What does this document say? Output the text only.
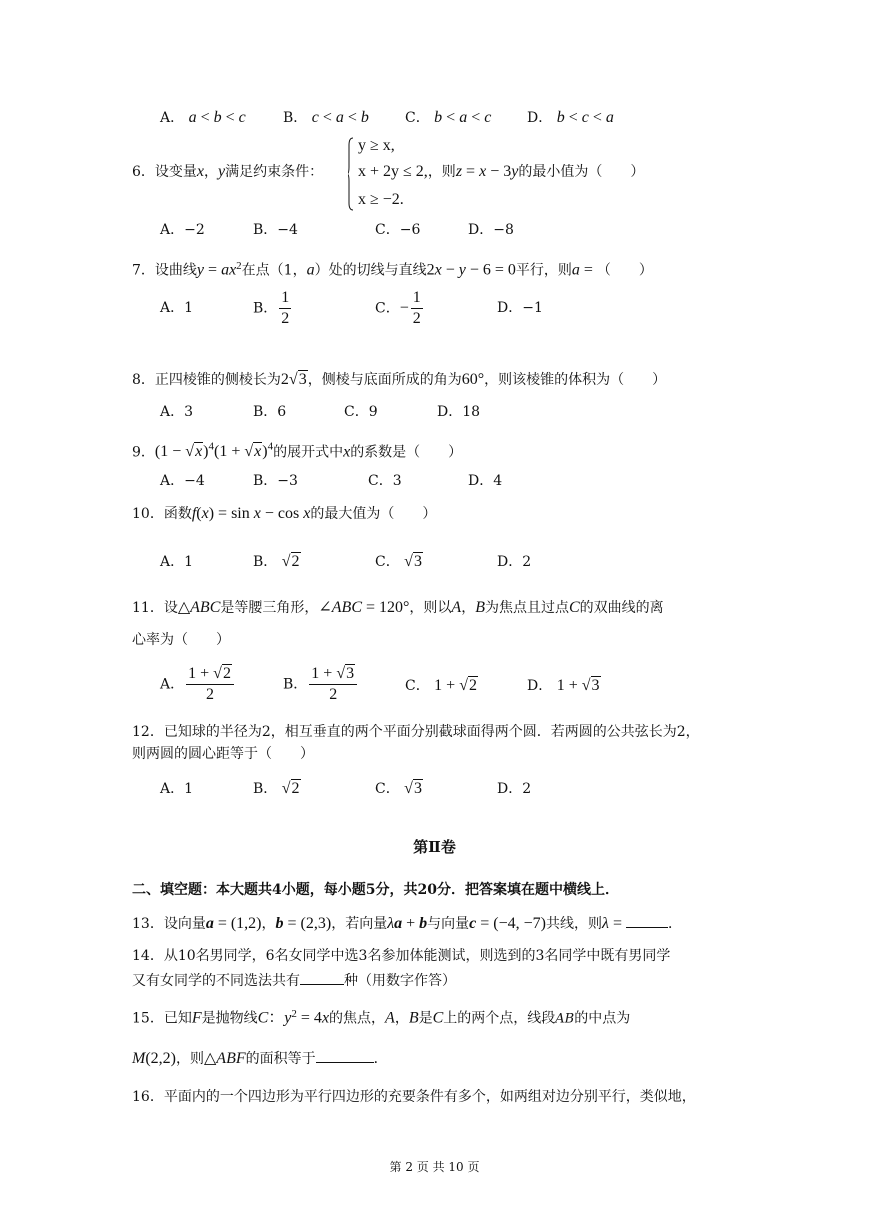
A． a < b < c	B． c < a < b	C． b < a < c	D． b < c < a
6．设变量x，y满足约束条件：
y ≥ x,
x + 2y ≤ 2,，则z = x − 3y的最小值为（　　）
x ≥ −2.
A．−2	B．−4	C．−6	D．−8
7．设曲线$y = ax^2$在点（1，a）处的切线与直线2x − y − 6 = 0平行，则a = （　　）
A．1	B． $\frac{1}{2}$	C．− $\frac{1}{2}$	D．−1
8．正四棱锥的侧棱长为2√3，侧棱与底面所成的角为60°，则该棱锥的体积为（　　）
A．3	B．6	C．9	D．18
9．$(1 - √x)^4(1 + √x)^4$的展开式中x的系数是（　　）
A．−4	B．−3	C．3	D．4
10．函数f(x) = sin x − cos x的最大值为（　　）
A．1	B． √2	C． √3	D．2
11．设△ABC是等腰三角形，∠ABC = 120°，则以A，B为焦点且过点C的双曲线的离
心率为（　　）
A． $\frac{1 + √2}{2}$	B． $\frac{1 + √3}{2}$	C． 1 + √2	D． 1 + √3
12．已知球的半径为2，相互垂直的两个平面分别截球面得两个圆．若两圆的公共弦长为2，
则两圆的圆心距等于（　　）
A．1	B． √2	C． √3	D．2
第Ⅱ卷
二、填空题：本大题共4小题，每小题5分，共20分．把答案填在题中横线上．
13．设向量a = (1,2)，b = (2,3)，若向量λa + b与向量c = (−4, −7)共线，则λ =	．
14．从10名男同学，6名女同学中选3名参加体能测试，则选到的3名同学中既有男同学
又有女同学的不同选法共有	种（用数字作答）
15．已知F是抛物线C：$y^2 = 4x$的焦点，A，B是C上的两个点，线段AB的中点为
M(2,2)，则△ABF的面积等于	．
16．平面内的一个四边形为平行四边形的充要条件有多个，如两组对边分别平行，类似地，
第 2 页 共 10 页
